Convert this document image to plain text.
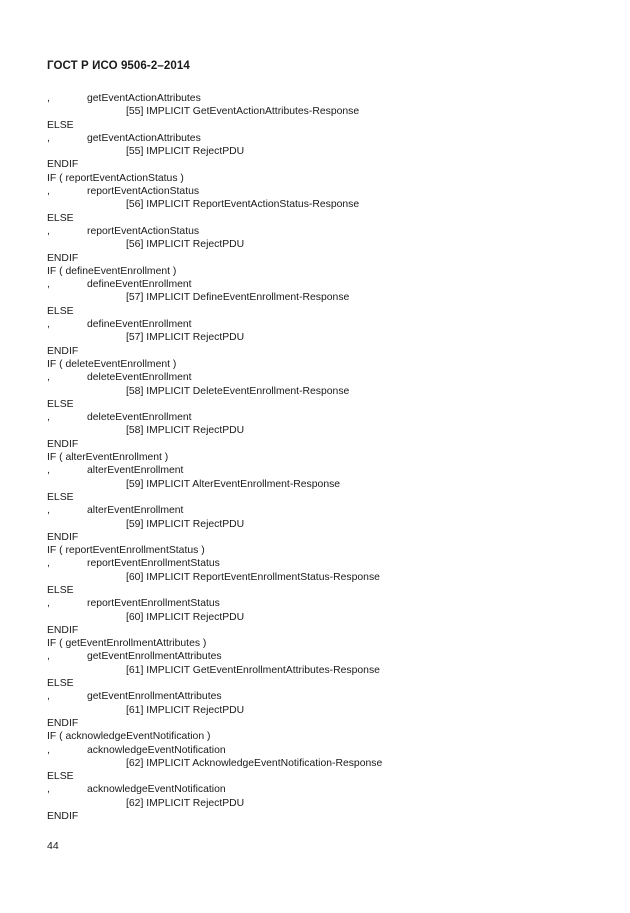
ГОСТ Р ИСО 9506-2–2014
,	getEventActionAttributes
[55] IMPLICIT GetEventActionAttributes-Response
ELSE
,	getEventActionAttributes
[55] IMPLICIT RejectPDU
ENDIF
IF ( reportEventActionStatus )
,	reportEventActionStatus
[56] IMPLICIT ReportEventActionStatus-Response
ELSE
,	reportEventActionStatus
[56] IMPLICIT RejectPDU
ENDIF
IF ( defineEventEnrollment )
,	defineEventEnrollment
[57] IMPLICIT DefineEventEnrollment-Response
ELSE
,	defineEventEnrollment
[57] IMPLICIT RejectPDU
ENDIF
IF ( deleteEventEnrollment )
,	deleteEventEnrollment
[58] IMPLICIT DeleteEventEnrollment-Response
ELSE
,	deleteEventEnrollment
[58] IMPLICIT RejectPDU
ENDIF
IF ( alterEventEnrollment )
,	alterEventEnrollment
[59] IMPLICIT AlterEventEnrollment-Response
ELSE
,	alterEventEnrollment
[59] IMPLICIT RejectPDU
ENDIF
IF ( reportEventEnrollmentStatus )
,	reportEventEnrollmentStatus
[60] IMPLICIT ReportEventEnrollmentStatus-Response
ELSE
,	reportEventEnrollmentStatus
[60] IMPLICIT RejectPDU
ENDIF
IF ( getEventEnrollmentAttributes )
,	getEventEnrollmentAttributes
[61] IMPLICIT GetEventEnrollmentAttributes-Response
ELSE
,	getEventEnrollmentAttributes
[61] IMPLICIT RejectPDU
ENDIF
IF ( acknowledgeEventNotification )
,	acknowledgeEventNotification
[62] IMPLICIT AcknowledgeEventNotification-Response
ELSE
,	acknowledgeEventNotification
[62] IMPLICIT RejectPDU
ENDIF
44
